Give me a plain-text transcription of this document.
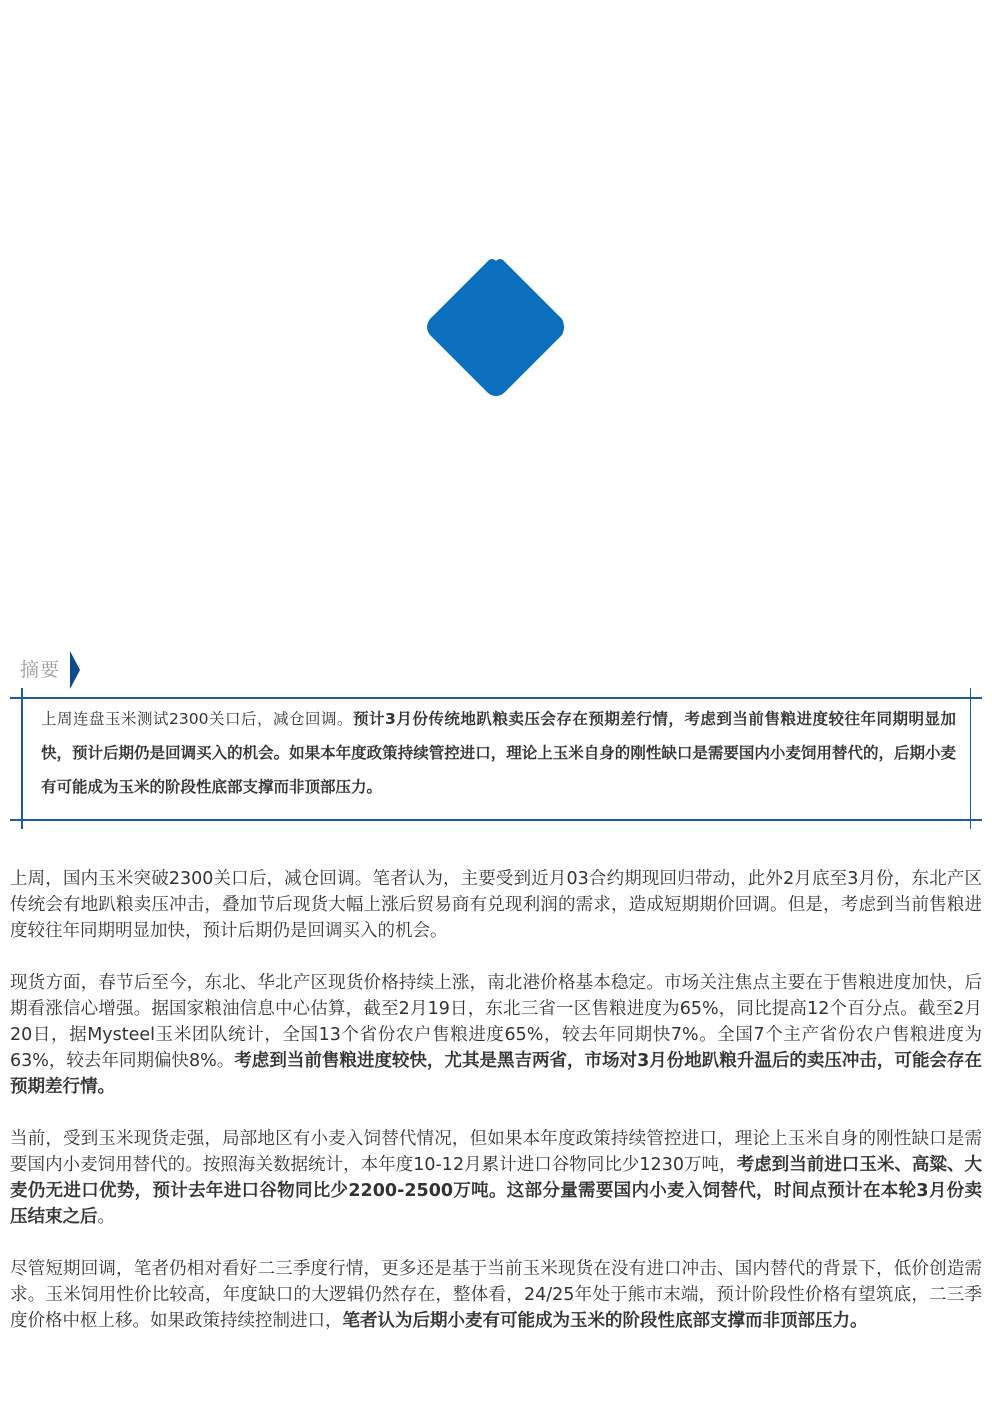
摘要
上周连盘玉米测试2300关口后，减仓回调。预计3月份传统地趴粮卖压会存在预期差行情，考虑到当前售粮进度较往年同期明显加快，预计后期仍是回调买入的机会。如果本年度政策持续管控进口，理论上玉米自身的刚性缺口是需要国内小麦饲用替代的，后期小麦有可能成为玉米的阶段性底部支撑而非顶部压力。

上周，国内玉米突破2300关口后，减仓回调。笔者认为，主要受到近月03合约期现回归带动，此外2月底至3月份，东北产区传统会有地趴粮卖压冲击，叠加节后现货大幅上涨后贸易商有兑现利润的需求，造成短期期价回调。但是，考虑到当前售粮进度较往年同期明显加快，预计后期仍是回调买入的机会。

现货方面，春节后至今，东北、华北产区现货价格持续上涨，南北港价格基本稳定。市场关注焦点主要在于售粮进度加快，后期看涨信心增强。据国家粮油信息中心估算，截至2月19日，东北三省一区售粮进度为65%，同比提高12个百分点。截至2月20日，据Mysteel玉米团队统计，全国13个省份农户售粮进度65%，较去年同期快7%。全国7个主产省份农户售粮进度为63%，较去年同期偏快8%。考虑到当前售粮进度较快，尤其是黑吉两省，市场对3月份地趴粮升温后的卖压冲击，可能会存在预期差行情。

当前，受到玉米现货走强，局部地区有小麦入饲替代情况，但如果本年度政策持续管控进口，理论上玉米自身的刚性缺口是需要国内小麦饲用替代的。按照海关数据统计，本年度10-12月累计进口谷物同比少1230万吨，考虑到当前进口玉米、高粱、大麦仍无进口优势，预计去年进口谷物同比少2200-2500万吨。这部分量需要国内小麦入饲替代，时间点预计在本轮3月份卖压结束之后。

尽管短期回调，笔者仍相对看好二三季度行情，更多还是基于当前玉米现货在没有进口冲击、国内替代的背景下，低价创造需求。玉米饲用性价比较高，年度缺口的大逻辑仍然存在，整体看，24/25年处于熊市末端，预计阶段性价格有望筑底，二三季度价格中枢上移。如果政策持续控制进口，笔者认为后期小麦有可能成为玉米的阶段性底部支撑而非顶部压力。
